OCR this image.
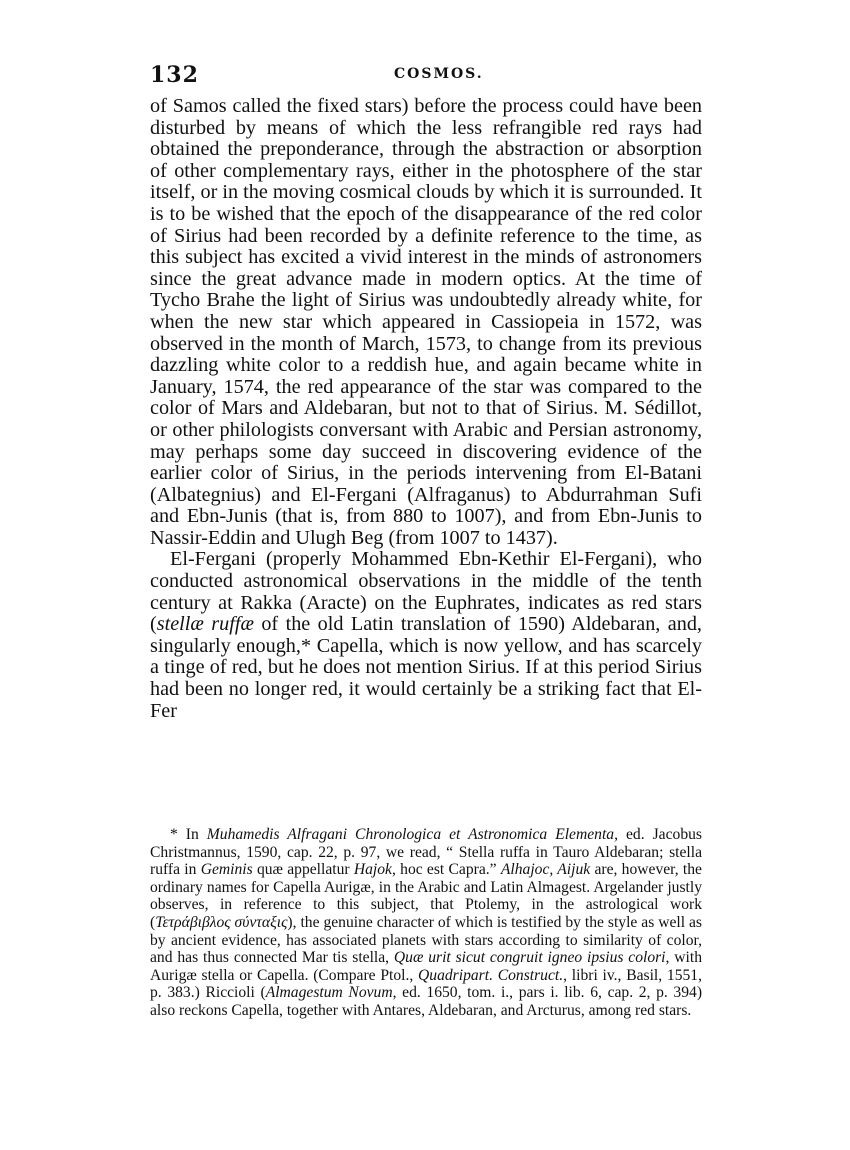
132	COSMOS.

of Samos called the fixed stars) before the process could have been disturbed by means of which the less refrangible red rays had obtained the preponderance, through the abstraction or absorption of other complementary rays, either in the photosphere of the star itself, or in the moving cosmical clouds by which it is surrounded. It is to be wished that the epoch of the disappearance of the red color of Sirius had been recorded by a definite reference to the time, as this subject has excited a vivid interest in the minds of astronomers since the great advance made in modern optics. At the time of Tycho Brahe the light of Sirius was undoubtedly already white, for when the new star which appeared in Cassiopeia in 1572, was observed in the month of March, 1573, to change from its previous dazzling white color to a reddish hue, and again became white in January, 1574, the red appearance of the star was compared to the color of Mars and Aldebaran, but not to that of Sirius. M. Sédillot, or other philologists conversant with Arabic and Persian astronomy, may perhaps some day succeed in discovering evidence of the earlier color of Sirius, in the periods intervening from El-Batani (Albategnius) and El-Fergani (Alfraganus) to Abdurrahman Sufi and Ebn-Junis (that is, from 880 to 1007), and from Ebn-Junis to Nassir-Eddin and Ulugh Beg (from 1007 to 1437).

El-Fergani (properly Mohammed Ebn-Kethir El-Fergani), who conducted astronomical observations in the middle of the tenth century at Rakka (Aracte) on the Euphrates, indicates as red stars (stellæ ruffæ of the old Latin translation of 1590) Aldebaran, and, singularly enough,* Capella, which is now yellow, and has scarcely a tinge of red, but he does not mention Sirius. If at this period Sirius had been no longer red, it would certainly be a striking fact that El-Fer

* In Muhamedis Alfragani Chronologica et Astronomica Elementa, ed. Jacobus Christmannus, 1590, cap. 22, p. 97, we read, “ Stella ruffa in Tauro Aldebaran; stella ruffa in Geminis quæ appellatur Hajok, hoc est Capra.” Alhajoc, Aijuk are, however, the ordinary names for Capella Aurigæ, in the Arabic and Latin Almagest. Argelander justly observes, in reference to this subject, that Ptolemy, in the astrological work (Τετράβιβλος σύνταξις), the genuine character of which is testified by the style as well as by ancient evidence, has associated planets with stars according to similarity of color, and has thus connected Mar tis stella, Quæ urit sicut congruit igneo ipsius colori, with Aurigæ stella or Capella. (Compare Ptol., Quadripart. Construct., libri iv., Basil, 1551, p. 383.) Riccioli (Almagestum Novum, ed. 1650, tom. i., pars i. lib. 6, cap. 2, p. 394) also reckons Capella, together with Antares, Aldebaran, and Arcturus, among red stars.
